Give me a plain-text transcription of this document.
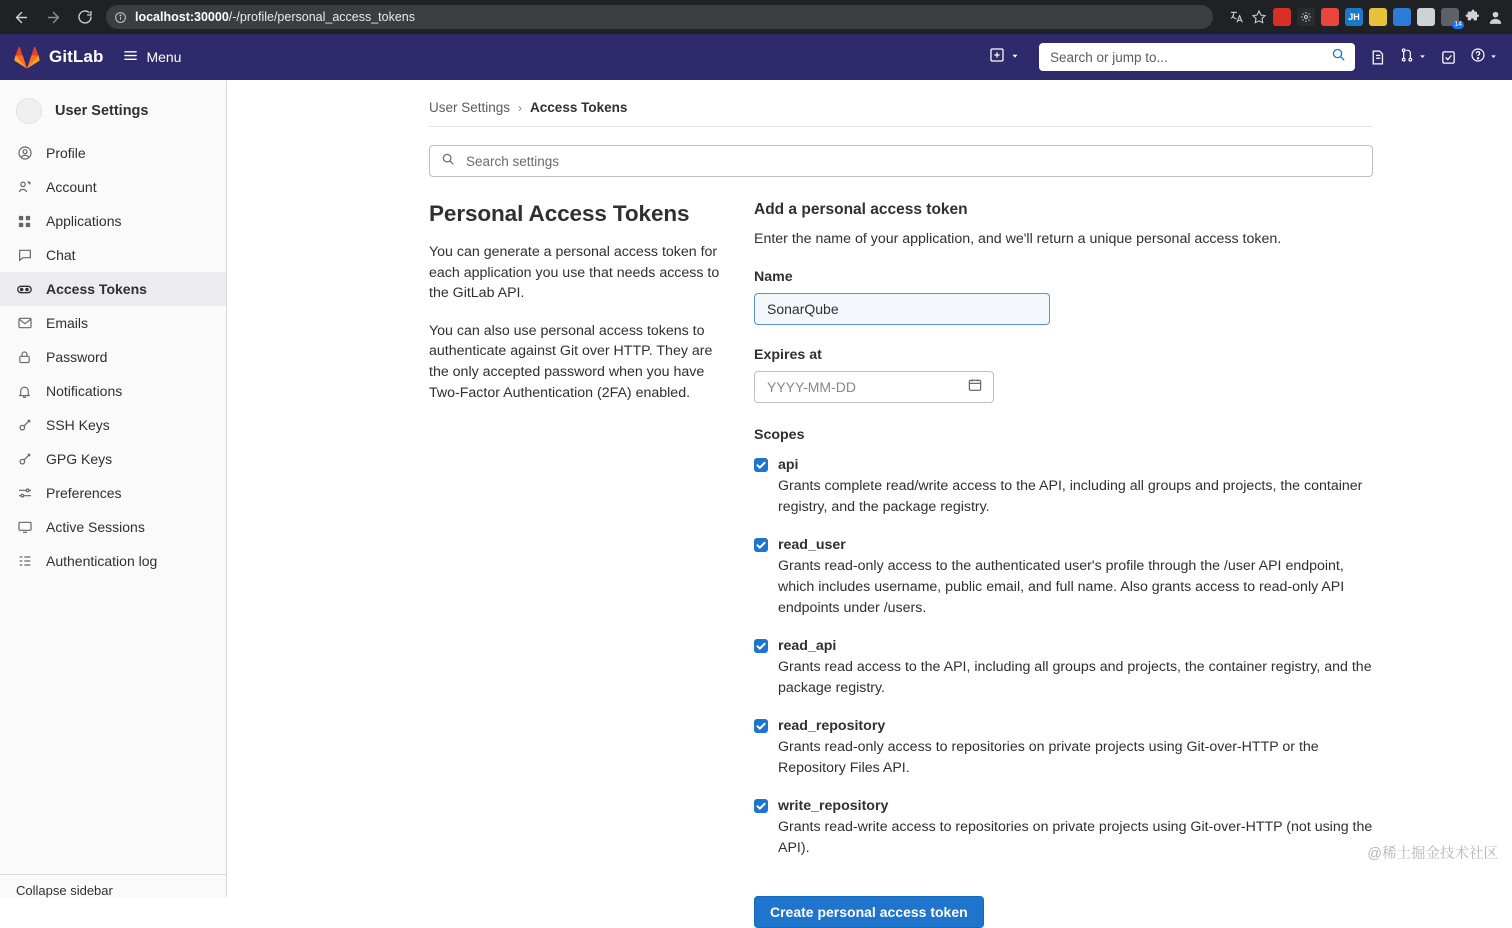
localhost:30000/-/profile/personal_access_tokens	JH
14
GitLab	Menu
Search or jump to...
User Settings
Profile
Account
Applications
Chat
Access Tokens
Emails
Password
Notifications
SSH Keys
GPG Keys
Preferences
Active Sessions
Authentication log
Collapse sidebar
User Settings › Access Tokens
Search settings
Personal Access Tokens

You can generate a personal access token for each application you use that needs access to the GitLab API.

You can also use personal access tokens to authenticate against Git over HTTP. They are the only accepted password when you have Two-Factor Authentication (2FA) enabled.

Add a personal access token
Enter the name of your application, and we'll return a unique personal access token.
Name
SonarQube
Expires at
YYYY-MM-DD
Scopes
api
Grants complete read/write access to the API, including all groups and projects, the container registry, and the package registry.
read_user
Grants read-only access to the authenticated user's profile through the /user API endpoint, which includes username, public email, and full name. Also grants access to read-only API endpoints under /users.
read_api
Grants read access to the API, including all groups and projects, the container registry, and the package registry.
read_repository
Grants read-only access to repositories on private projects using Git-over-HTTP or the Repository Files API.
write_repository
Grants read-write access to repositories on private projects using Git-over-HTTP (not using the API).
Create personal access token
@稀土掘金技术社区
